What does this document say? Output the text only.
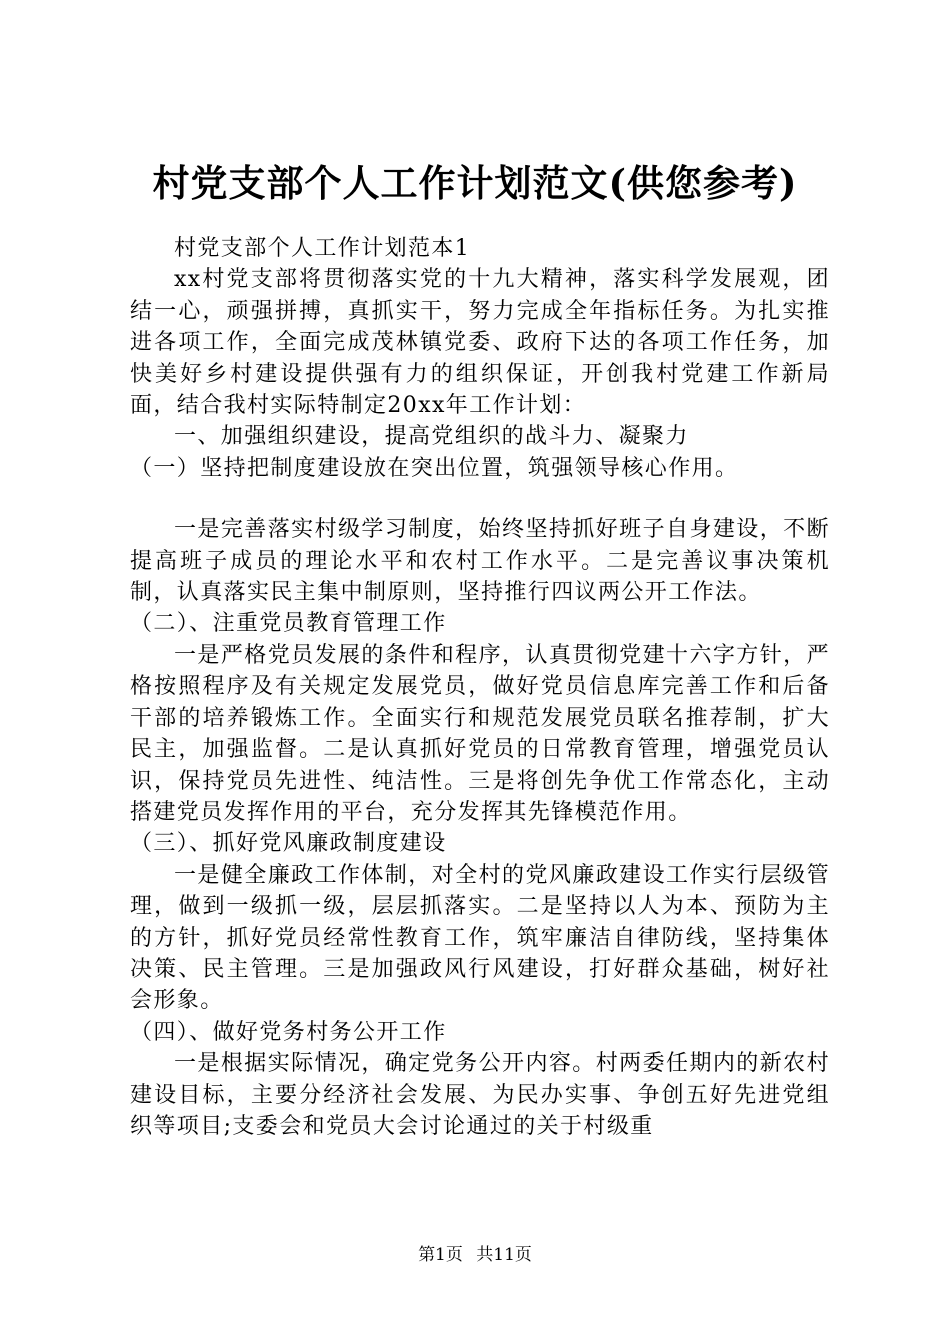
村党支部个人工作计划范文(供您参考)

村党支部个人工作计划范本1

xx村党支部将贯彻落实党的十九大精神，落实科学发展观，团结一心，顽强拼搏，真抓实干，努力完成全年指标任务。为扎实推进各项工作，全面完成茂林镇党委、政府下达的各项工作任务，加快美好乡村建设提供强有力的组织保证，开创我村党建工作新局面，结合我村实际特制定20xx年工作计划：

一、加强组织建设，提高党组织的战斗力、凝聚力

（一）坚持把制度建设放在突出位置，筑强领导核心作用。

一是完善落实村级学习制度，始终坚持抓好班子自身建设，不断提高班子成员的理论水平和农村工作水平。二是完善议事决策机制，认真落实民主集中制原则，坚持推行四议两公开工作法。

（二）、注重党员教育管理工作

一是严格党员发展的条件和程序，认真贯彻党建十六字方针，严格按照程序及有关规定发展党员，做好党员信息库完善工作和后备干部的培养锻炼工作。全面实行和规范发展党员联名推荐制，扩大民主，加强监督。二是认真抓好党员的日常教育管理，增强党员认识，保持党员先进性、纯洁性。三是将创先争优工作常态化，主动搭建党员发挥作用的平台，充分发挥其先锋模范作用。

（三）、抓好党风廉政制度建设

一是健全廉政工作体制，对全村的党风廉政建设工作实行层级管理，做到一级抓一级，层层抓落实。二是坚持以人为本、预防为主的方针，抓好党员经常性教育工作，筑牢廉洁自律防线，坚持集体决策、民主管理。三是加强政风行风建设，打好群众基础，树好社会形象。

（四）、做好党务村务公开工作

一是根据实际情况，确定党务公开内容。村两委任期内的新农村建设目标，主要分经济社会发展、为民办实事、争创五好先进党组织等项目;支委会和党员大会讨论通过的关于村级重

第1页 共11页
